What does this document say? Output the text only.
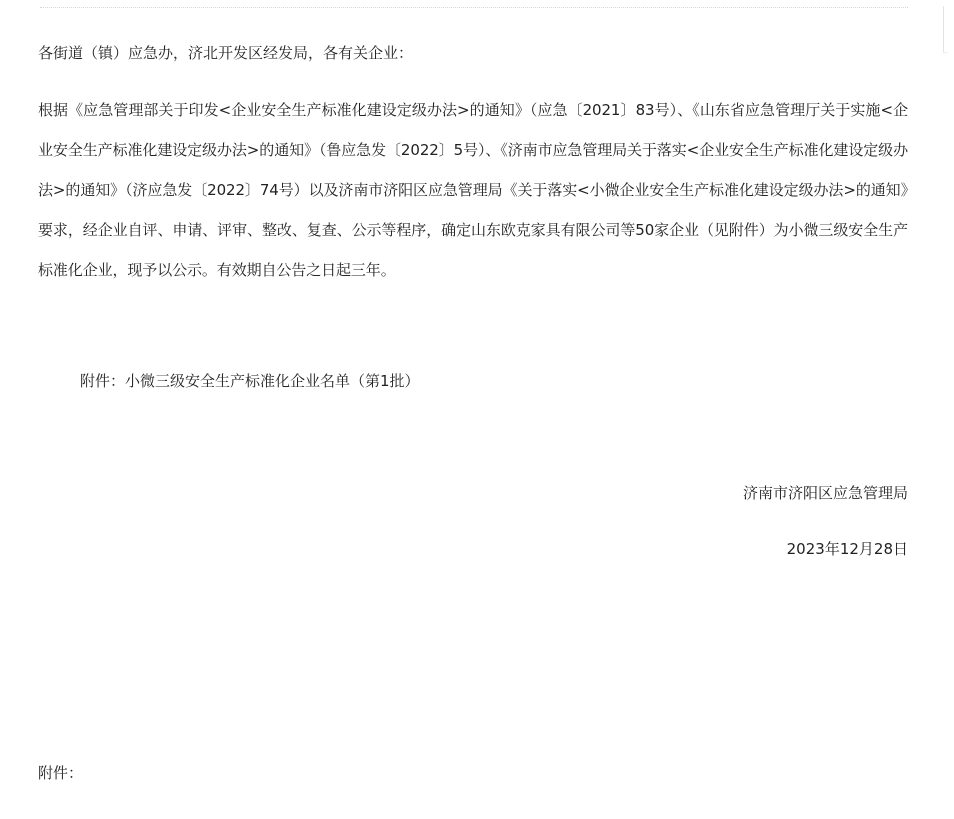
各街道（镇）应急办，济北开发区经发局，各有关企业：
根据《应急管理部关于印发<企业安全生产标准化建设定级办法>的通知》（应急〔2021〕83号）、《山东省应急管理厅关于实施<企业安全生产标准化建设定级办法>的通知》（鲁应急发〔2022〕5号）、《济南市应急管理局关于落实<企业安全生产标准化建设定级办法>的通知》（济应急发〔2022〕74号）以及济南市济阳区应急管理局《关于落实<小微企业安全生产标准化建设定级办法>的通知》要求，经企业自评、申请、评审、整改、复查、公示等程序，确定山东欧克家具有限公司等50家企业（见附件）为小微三级安全生产标准化企业，现予以公示。有效期自公告之日起三年。
附件：小微三级安全生产标准化企业名单（第1批）
济南市济阳区应急管理局
2023年12月28日
附件：
